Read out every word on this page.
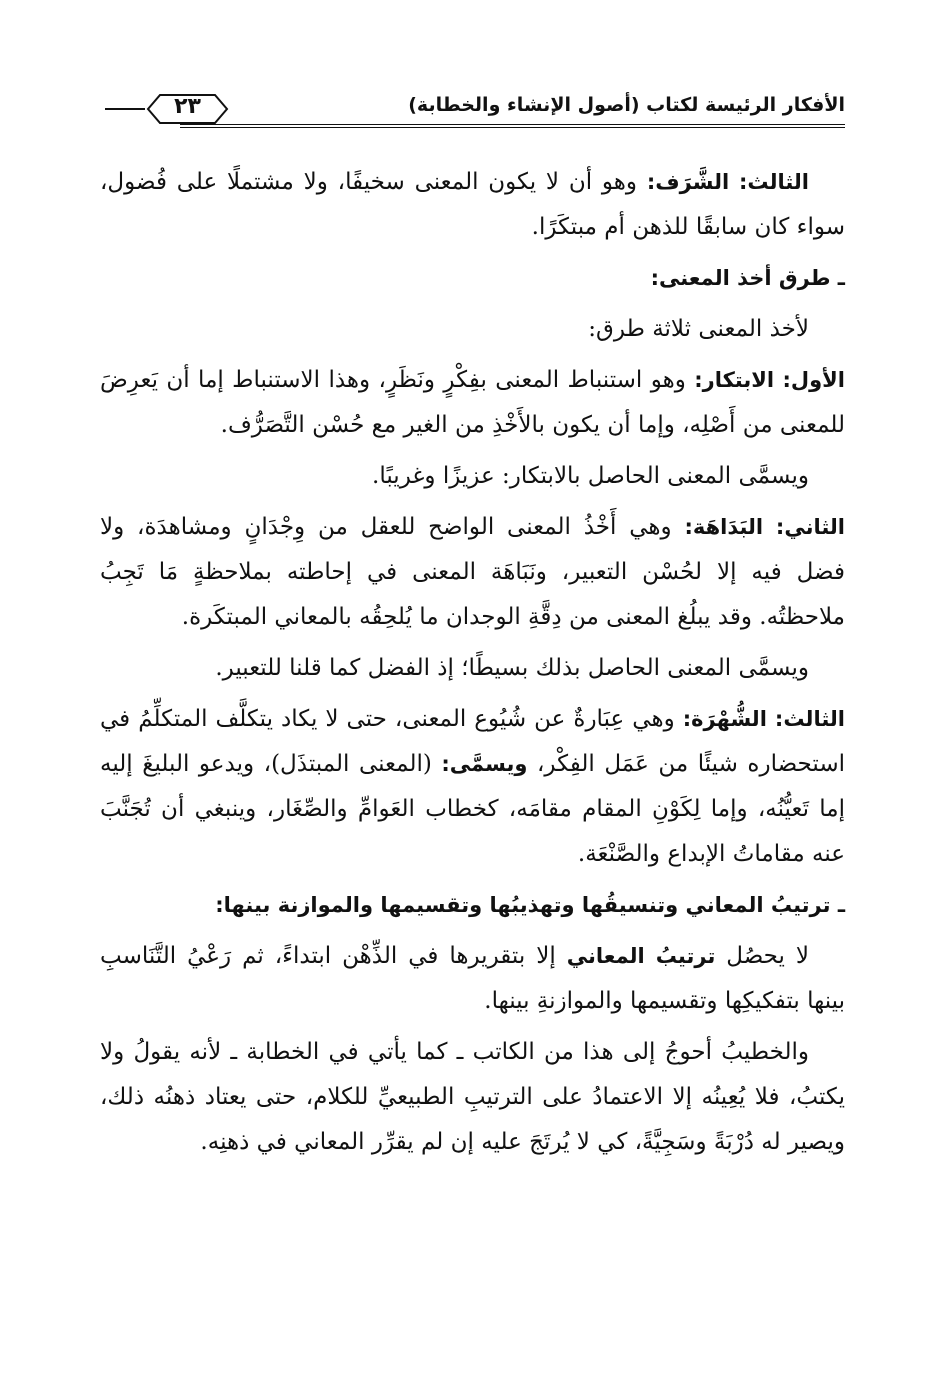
الأفكار الرئيسة لكتاب (أصول الإنشاء والخطابة)
٢٣

الثالث: الشَّرَف: وهو أن لا يكون المعنى سخيفًا، ولا مشتملًا على فُضول، سواء كان سابقًا للذهن أم مبتكَرًا.

ـ طرق أخذ المعنى:

لأخذ المعنى ثلاثة طرق:

الأول: الابتكار: وهو استنباط المعنى بفِكْرٍ ونَظَرٍ، وهذا الاستنباط إما أن يَعرِضَ للمعنى من أَصْلِه، وإما أن يكون بالأَخْذِ من الغير مع حُسْن التَّصَرُّف.

ويسمَّى المعنى الحاصل بالابتكار: عزيزًا وغريبًا.

الثاني: البَدَاهَة: وهي أَخْذُ المعنى الواضح للعقل من وِجْدَانٍ ومشاهدَة، ولا فضل فيه إلا لحُسْن التعبير، ونَبَاهَة المعنى في إحاطته بملاحظةٍ مَا تَجِبُ ملاحظتُه. وقد يبلُغ المعنى من دِقَّةِ الوجدان ما يُلحِقُه بالمعاني المبتكَرة.

ويسمَّى المعنى الحاصل بذلك بسيطًا؛ إذ الفضل كما قلنا للتعبير.

الثالث: الشُّهْرَة: وهي عِبَارةٌ عن شُيُوع المعنى، حتى لا يكاد يتكلَّف المتكلِّمُ في استحضاره شيئًا من عَمَل الفِكْر، ويسمَّى: (المعنى المبتذَل)، ويدعو البليغَ إليه إما تَعيُّنُه، وإما لِكَوْنِ المقام مقامَه، كخطاب العَوامِّ والصِّغَار، وينبغي أن تُجَنَّبَ عنه مقاماتُ الإبداع والصَّنْعَة.

ـ ترتيبُ المعاني وتنسيقُها وتهذيبُها وتقسيمها والموازنة بينها:

لا يحصُل ترتيبُ المعاني إلا بتقريرها في الذِّهْن ابتداءً، ثم رَعْيُ التَّنَاسبِ بينها بتفكيكِها وتقسيمها والموازنةِ بينها.

والخطيبُ أحوجُ إلى هذا من الكاتب ـ كما يأتي في الخطابة ـ لأنه يقولُ ولا يكتبُ، فلا يُعِينُه إلا الاعتمادُ على الترتيبِ الطبيعيِّ للكلام، حتى يعتاد ذهنُه ذلك، ويصير له دُرْبَةً وسَجِيَّةً، كي لا يُرتَجَ عليه إن لم يقرِّر المعاني في ذهنِه.
